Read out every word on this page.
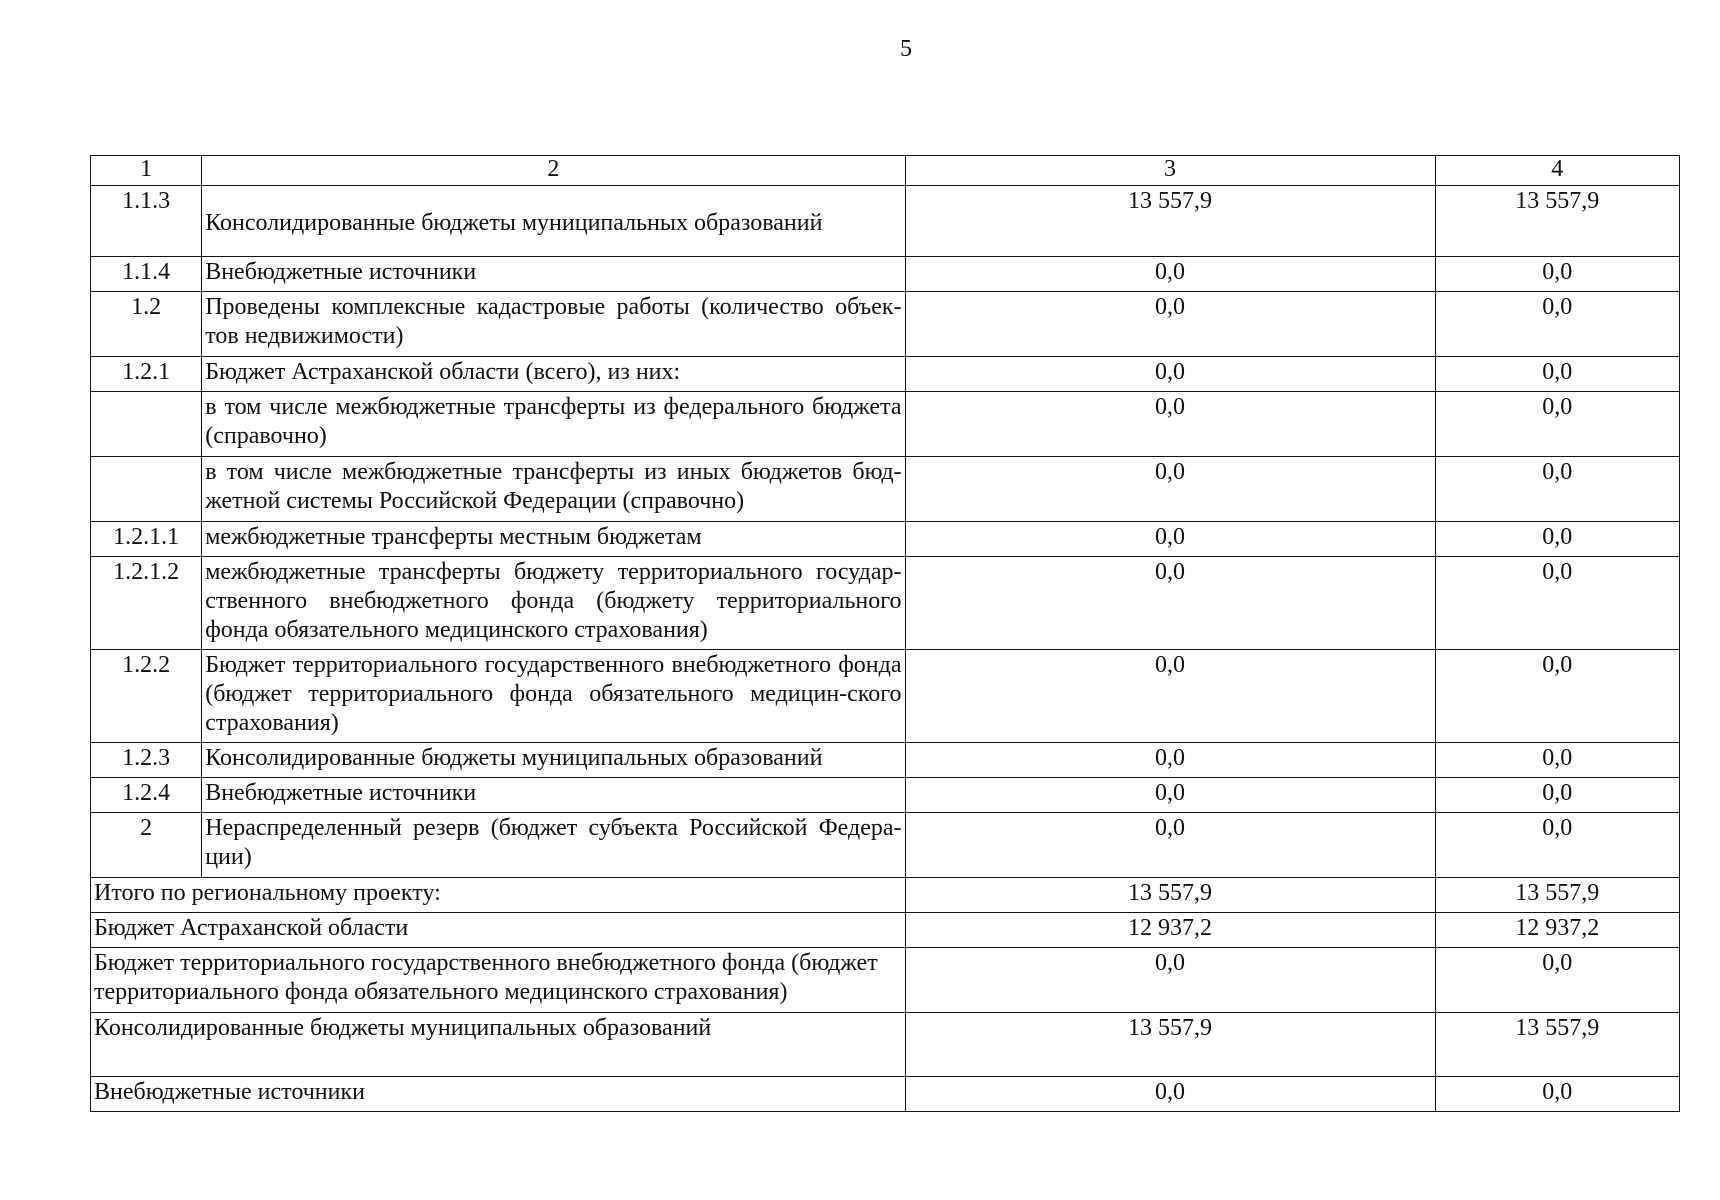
5
1	2	3	4
1.1.3	Консолидированные бюджеты муниципальных образований	13 557,9	13 557,9
1.1.4	Внебюджетные источники	0,0	0,0
1.2	Проведены комплексные кадастровые работы (количество объек-тов недвижимости)	0,0	0,0
1.2.1	Бюджет Астраханской области (всего), из них:	0,0	0,0
	в том числе межбюджетные трансферты из федерального бюджета (справочно)	0,0	0,0
	в том числе межбюджетные трансферты из иных бюджетов бюд-жетной системы Российской Федерации (справочно)	0,0	0,0
1.2.1.1	межбюджетные трансферты местным бюджетам	0,0	0,0
1.2.1.2	межбюджетные трансферты бюджету территориального государ-ственного внебюджетного фонда (бюджету территориального фонда обязательного медицинского страхования)	0,0	0,0
1.2.2	Бюджет территориального государственного внебюджетного фонда (бюджет территориального фонда обязательного медицин-ского страхования)	0,0	0,0
1.2.3	Консолидированные бюджеты муниципальных образований	0,0	0,0
1.2.4	Внебюджетные источники	0,0	0,0
2	Нераспределенный резерв (бюджет субъекта Российской Федера-ции)	0,0	0,0
Итого по региональному проекту:		13 557,9	13 557,9
Бюджет Астраханской области		12 937,2	12 937,2
Бюджет территориального государственного внебюджетного фонда (бюджет территориального фонда обязательного медицинского страхования)		0,0	0,0
Консолидированные бюджеты муниципальных образований		13 557,9	13 557,9
Внебюджетные источники		0,0	0,0
